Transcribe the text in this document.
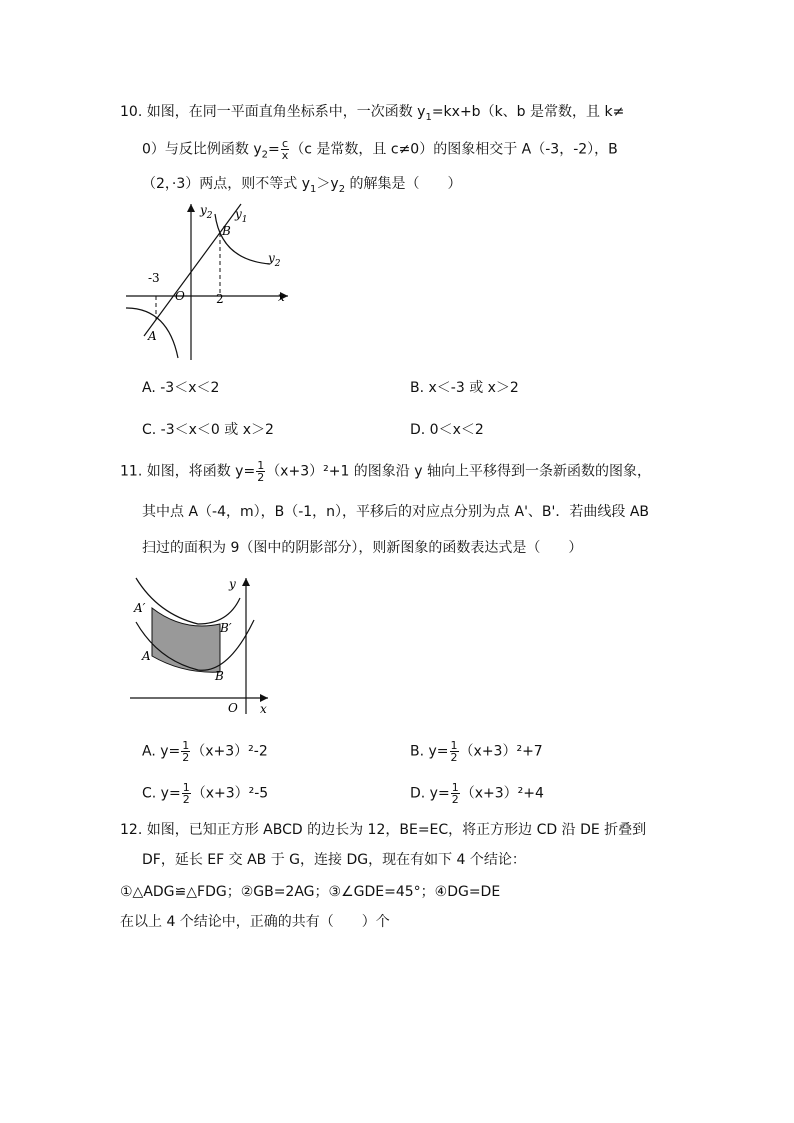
10. 如图，在同一平面直角坐标系中，一次函数 $y_1=kx+b(k$、b 是常数，且 k≠
0）与反比例函数 $y_2= \frac{c}{x} (c$ 是常数，且 c≠0）的图象相交于 A（-3，-2），B
（2，·3）两点，则不等式 $y_1>y_2$ 的解集是（　　）
$y_2$ $y_1$
$y_2$
B
A
O	x
-3
2
A. -3＜x＜2	B. x＜-3 或 x＞2
C. -3＜x＜0 或 x＞2	D. 0＜x＜2
11. 如图，将函数 $y= \frac{1}{2} (x+3)^2+1$ 的图象沿 y 轴向上平移得到一条新函数的图象，
其中点 A（-4，m），B（-1，n），平移后的对应点分别为点 A'、B'．若曲线段 AB
扫过的面积为 9（图中的阴影部分），则新图象的函数表达式是（　　）
A′
B′
A
B
y
x
O
A. $y= \frac{1}{2} (x+3)^2-2$	B. $y= \frac{1}{2} (x+3)^2+7$
C. $y= \frac{1}{2} (x+3)^2-5$	D. $y= \frac{1}{2} (x+3)^2+4$
12. 如图，已知正方形 ABCD 的边长为 12，BE=EC，将正方形边 CD 沿 DE 折叠到
DF，延长 EF 交 AB 于 G，连接 DG，现在有如下 4 个结论：
①△ADG≌△FDG；②GB=2AG；③∠GDE=45°；④DG=DE
在以上 4 个结论中，正确的共有（　　）个
